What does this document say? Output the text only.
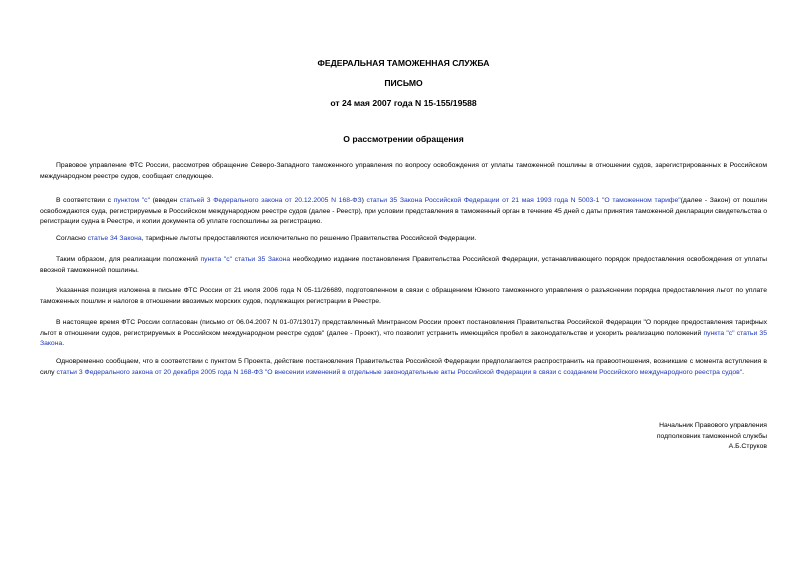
ФЕДЕРАЛЬНАЯ ТАМОЖЕННАЯ СЛУЖБА
ПИСЬМО
от 24 мая 2007 года N 15-155/19588
О рассмотрении обращения

Правовое управление ФТС России, рассмотрев обращение Северо-Западного таможенного управления по вопросу освобождения от уплаты таможенной пошлины в отношении судов, зарегистрированных в Российском международном реестре судов, сообщает следующее.

В соответствии с пунктом "с" (введен статьей 3 Федерального закона от 20.12.2005 N 168-ФЗ) статьи 35 Закона Российской Федерации от 21 мая 1993 года N 5003-1 "О таможенном тарифе"(далее - Закон) от пошлин освобождаются суда, регистрируемые в Российском международном реестре судов (далее - Реестр), при условии представления в таможенный орган в течение 45 дней с даты принятия таможенной декларации свидетельства о регистрации судна в Реестре, и копии документа об уплате госпошлины за регистрацию.

Согласно статье 34 Закона, тарифные льготы предоставляются исключительно по решению Правительства Российской Федерации.

Таким образом, для реализации положений пункта "с" статьи 35 Закона необходимо издание постановления Правительства Российской Федерации, устанавливающего порядок предоставления освобождения от уплаты ввозной таможенной пошлины.

Указанная позиция изложена в письме ФТС России от 21 июля 2006 года N 05-11/26689, подготовленном в связи с обращением Южного таможенного управления о разъяснении порядка предоставления льгот по уплате таможенных пошлин и налогов в отношении ввозимых морских судов, подлежащих регистрации в Реестре.

В настоящее время ФТС России согласован (письмо от 06.04.2007 N 01-07/13017) представленный Минтрансом России проект постановления Правительства Российской Федерации "О порядке предоставления тарифных льгот в отношении судов, регистрируемых в Российском международном реестре судов" (далее - Проект), что позволит устранить имеющийся пробел в законодательстве и ускорить реализацию положений пункта "с" статьи 35 Закона.

Одновременно сообщаем, что в соответствии с пунктом 5 Проекта, действие постановления Правительства Российской Федерации предполагается распространить на правоотношения, возникшие с момента вступления в силу статьи 3 Федерального закона от 20 декабря 2005 года N 168-ФЗ "О внесении изменений в отдельные законодательные акты Российской Федерации в связи с созданием Российского международного реестра судов".

Начальник Правового управления
подполковник таможенной службы
А.Б.Струков
